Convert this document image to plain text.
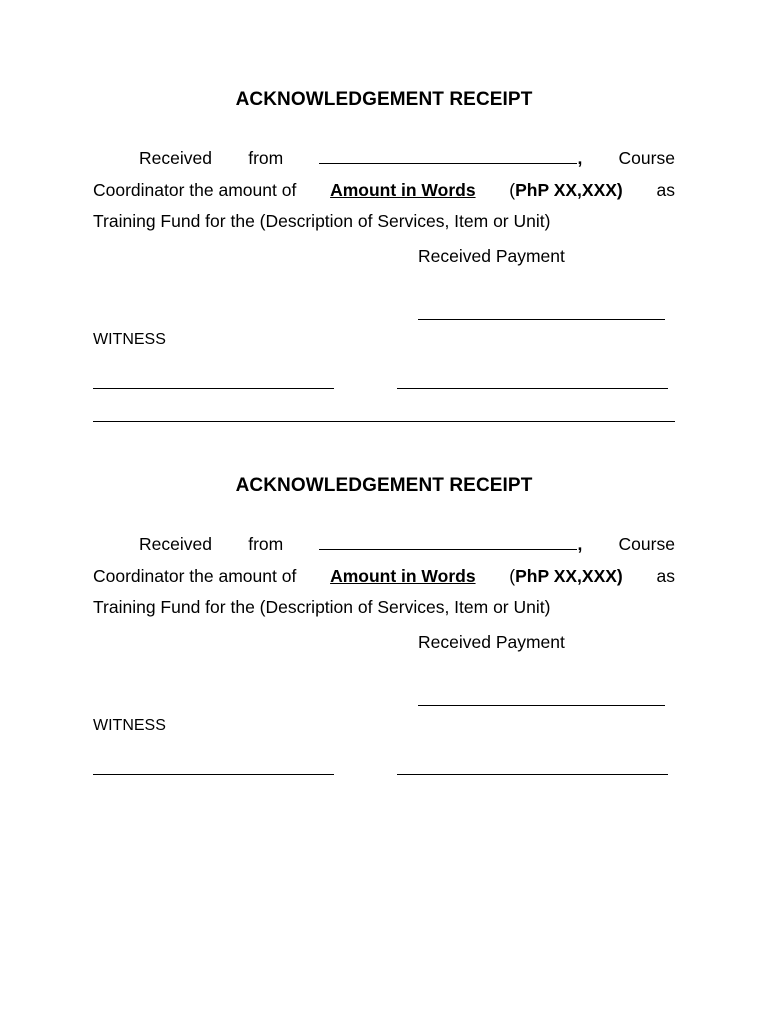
ACKNOWLEDGEMENT RECEIPT
Received from	, Course
Coordinator the amount of Amount in Words (PhP XX,XXX) as
Training Fund for the (Description of Services, Item or Unit)
Received Payment
WITNESS
ACKNOWLEDGEMENT RECEIPT
Received from	, Course
Coordinator the amount of Amount in Words (PhP XX,XXX) as
Training Fund for the (Description of Services, Item or Unit)
Received Payment
WITNESS
